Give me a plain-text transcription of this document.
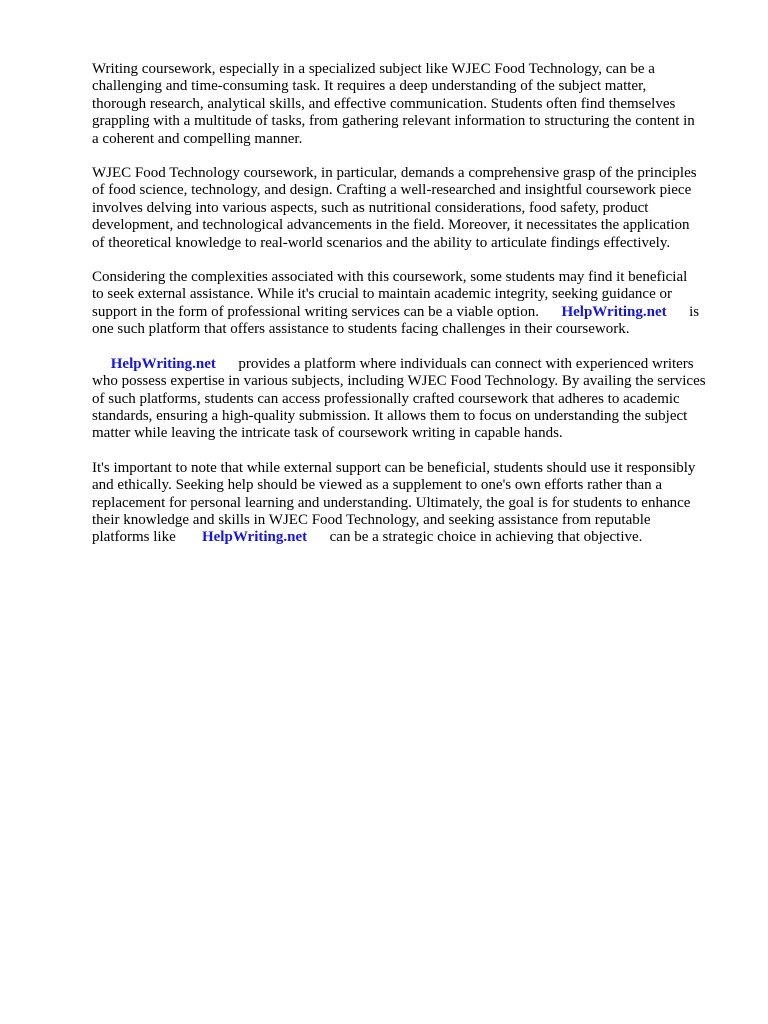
Writing coursework, especially in a specialized subject like WJEC Food Technology, can be a
challenging and time-consuming task. It requires a deep understanding of the subject matter,
thorough research, analytical skills, and effective communication. Students often find themselves
grappling with a multitude of tasks, from gathering relevant information to structuring the content in
a coherent and compelling manner.

WJEC Food Technology coursework, in particular, demands a comprehensive grasp of the principles
of food science, technology, and design. Crafting a well-researched and insightful coursework piece
involves delving into various aspects, such as nutritional considerations, food safety, product
development, and technological advancements in the field. Moreover, it necessitates the application
of theoretical knowledge to real-world scenarios and the ability to articulate findings effectively.

Considering the complexities associated with this coursework, some students may find it beneficial
to seek external assistance. While it's crucial to maintain academic integrity, seeking guidance or
support in the form of professional writing services can be a viable option.      HelpWriting.net      is
one such platform that offers assistance to students facing challenges in their coursework.

HelpWriting.net      provides a platform where individuals can connect with experienced writers
who possess expertise in various subjects, including WJEC Food Technology. By availing the services
of such platforms, students can access professionally crafted coursework that adheres to academic
standards, ensuring a high-quality submission. It allows them to focus on understanding the subject
matter while leaving the intricate task of coursework writing in capable hands.

It's important to note that while external support can be beneficial, students should use it responsibly
and ethically. Seeking help should be viewed as a supplement to one's own efforts rather than a
replacement for personal learning and understanding. Ultimately, the goal is for students to enhance
their knowledge and skills in WJEC Food Technology, and seeking assistance from reputable
platforms like       HelpWriting.net      can be a strategic choice in achieving that objective.
